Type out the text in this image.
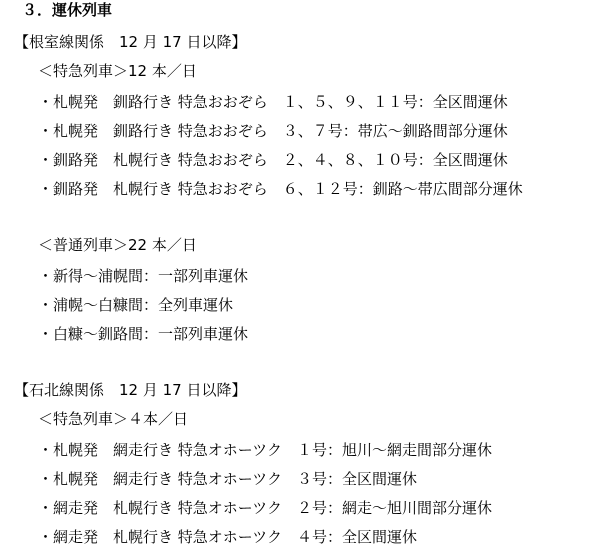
３．運休列車
【根室線関係　12 月 17 日以降】
＜特急列車＞12 本／日
・札幌発　釧路行き 特急おおぞら　１、５、９、１１号：全区間運休
・札幌発　釧路行き 特急おおぞら　３、７号：帯広～釧路間部分運休
・釧路発　札幌行き 特急おおぞら　２、４、８、１０号：全区間運休
・釧路発　札幌行き 特急おおぞら　６、１２号：釧路～帯広間部分運休
＜普通列車＞22 本／日
・新得～浦幌間：一部列車運休
・浦幌～白糠間：全列車運休
・白糠～釧路間：一部列車運休
【石北線関係　12 月 17 日以降】
＜特急列車＞４本／日
・札幌発　網走行き 特急オホーツク　１号：旭川～網走間部分運休
・札幌発　網走行き 特急オホーツク　３号：全区間運休
・網走発　札幌行き 特急オホーツク　２号：網走～旭川間部分運休
・網走発　札幌行き 特急オホーツク　４号：全区間運休
